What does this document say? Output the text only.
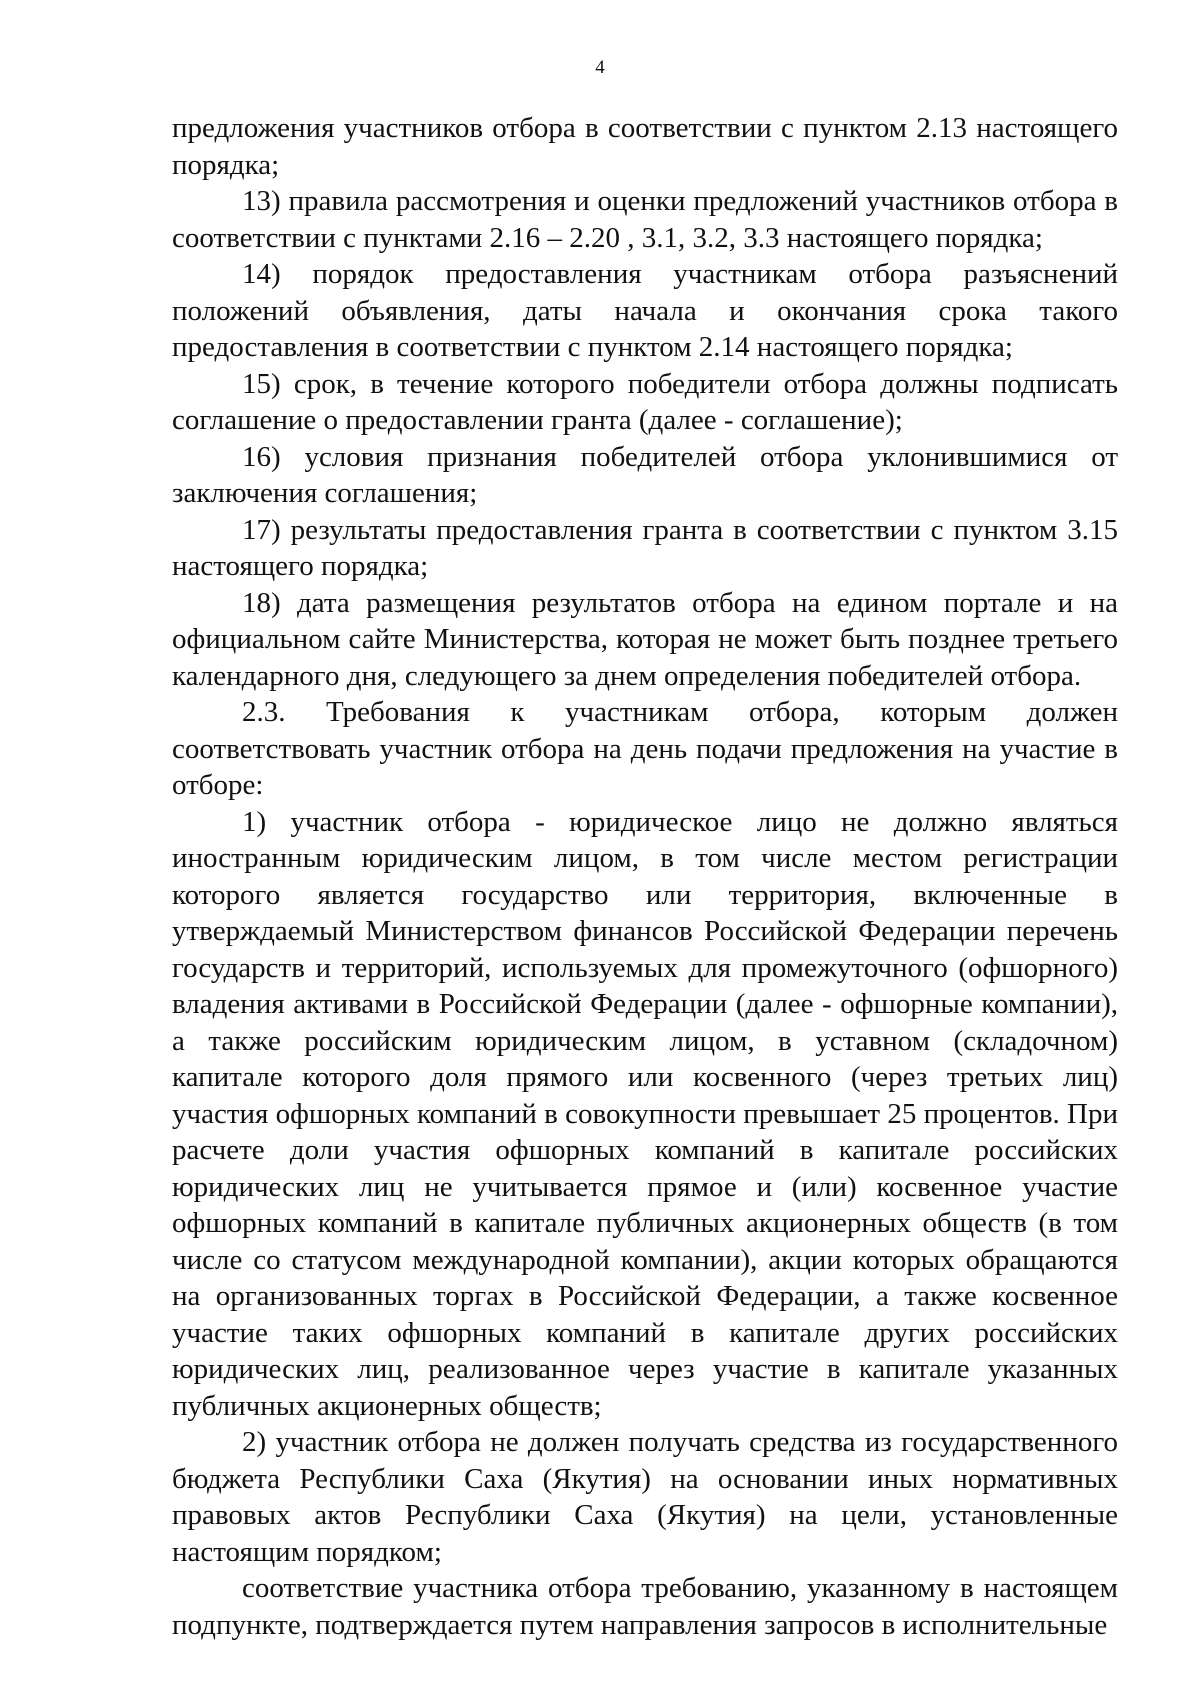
4

предложения участников отбора в соответствии с пунктом 2.13 настоящего порядка;

13) правила рассмотрения и оценки предложений участников отбора в соответствии с пунктами 2.16 – 2.20 , 3.1, 3.2, 3.3 настоящего порядка;

14) порядок предоставления участникам отбора разъяснений положений объявления, даты начала и окончания срока такого предоставления в соответствии с пунктом 2.14 настоящего порядка;

15) срок, в течение которого победители отбора должны подписать соглашение о предоставлении гранта (далее - соглашение);

16) условия признания победителей отбора уклонившимися от заключения соглашения;

17) результаты предоставления гранта в соответствии с пунктом 3.15 настоящего порядка;

18) дата размещения результатов отбора на едином портале и на официальном сайте Министерства, которая не может быть позднее третьего календарного дня, следующего за днем определения победителей отбора.

2.3. Требования к участникам отбора, которым должен соответствовать участник отбора на день подачи предложения на участие в отборе:

1) участник отбора - юридическое лицо не должно являться иностранным юридическим лицом, в том числе местом регистрации которого является государство или территория, включенные в утверждаемый Министерством финансов Российской Федерации перечень государств и территорий, используемых для промежуточного (офшорного) владения активами в Российской Федерации (далее - офшорные компании), а также российским юридическим лицом, в уставном (складочном) капитале которого доля прямого или косвенного (через третьих лиц) участия офшорных компаний в совокупности превышает 25 процентов. При расчете доли участия офшорных компаний в капитале российских юридических лиц не учитывается прямое и (или) косвенное участие офшорных компаний в капитале публичных акционерных обществ (в том числе со статусом международной компании), акции которых обращаются на организованных торгах в Российской Федерации, а также косвенное участие таких офшорных компаний в капитале других российских юридических лиц, реализованное через участие в капитале указанных публичных акционерных обществ;

2) участник отбора не должен получать средства из государственного бюджета Республики Саха (Якутия) на основании иных нормативных правовых актов Республики Саха (Якутия) на цели, установленные настоящим порядком;

соответствие участника отбора требованию, указанному в настоящем подпункте, подтверждается путем направления запросов в исполнительные
